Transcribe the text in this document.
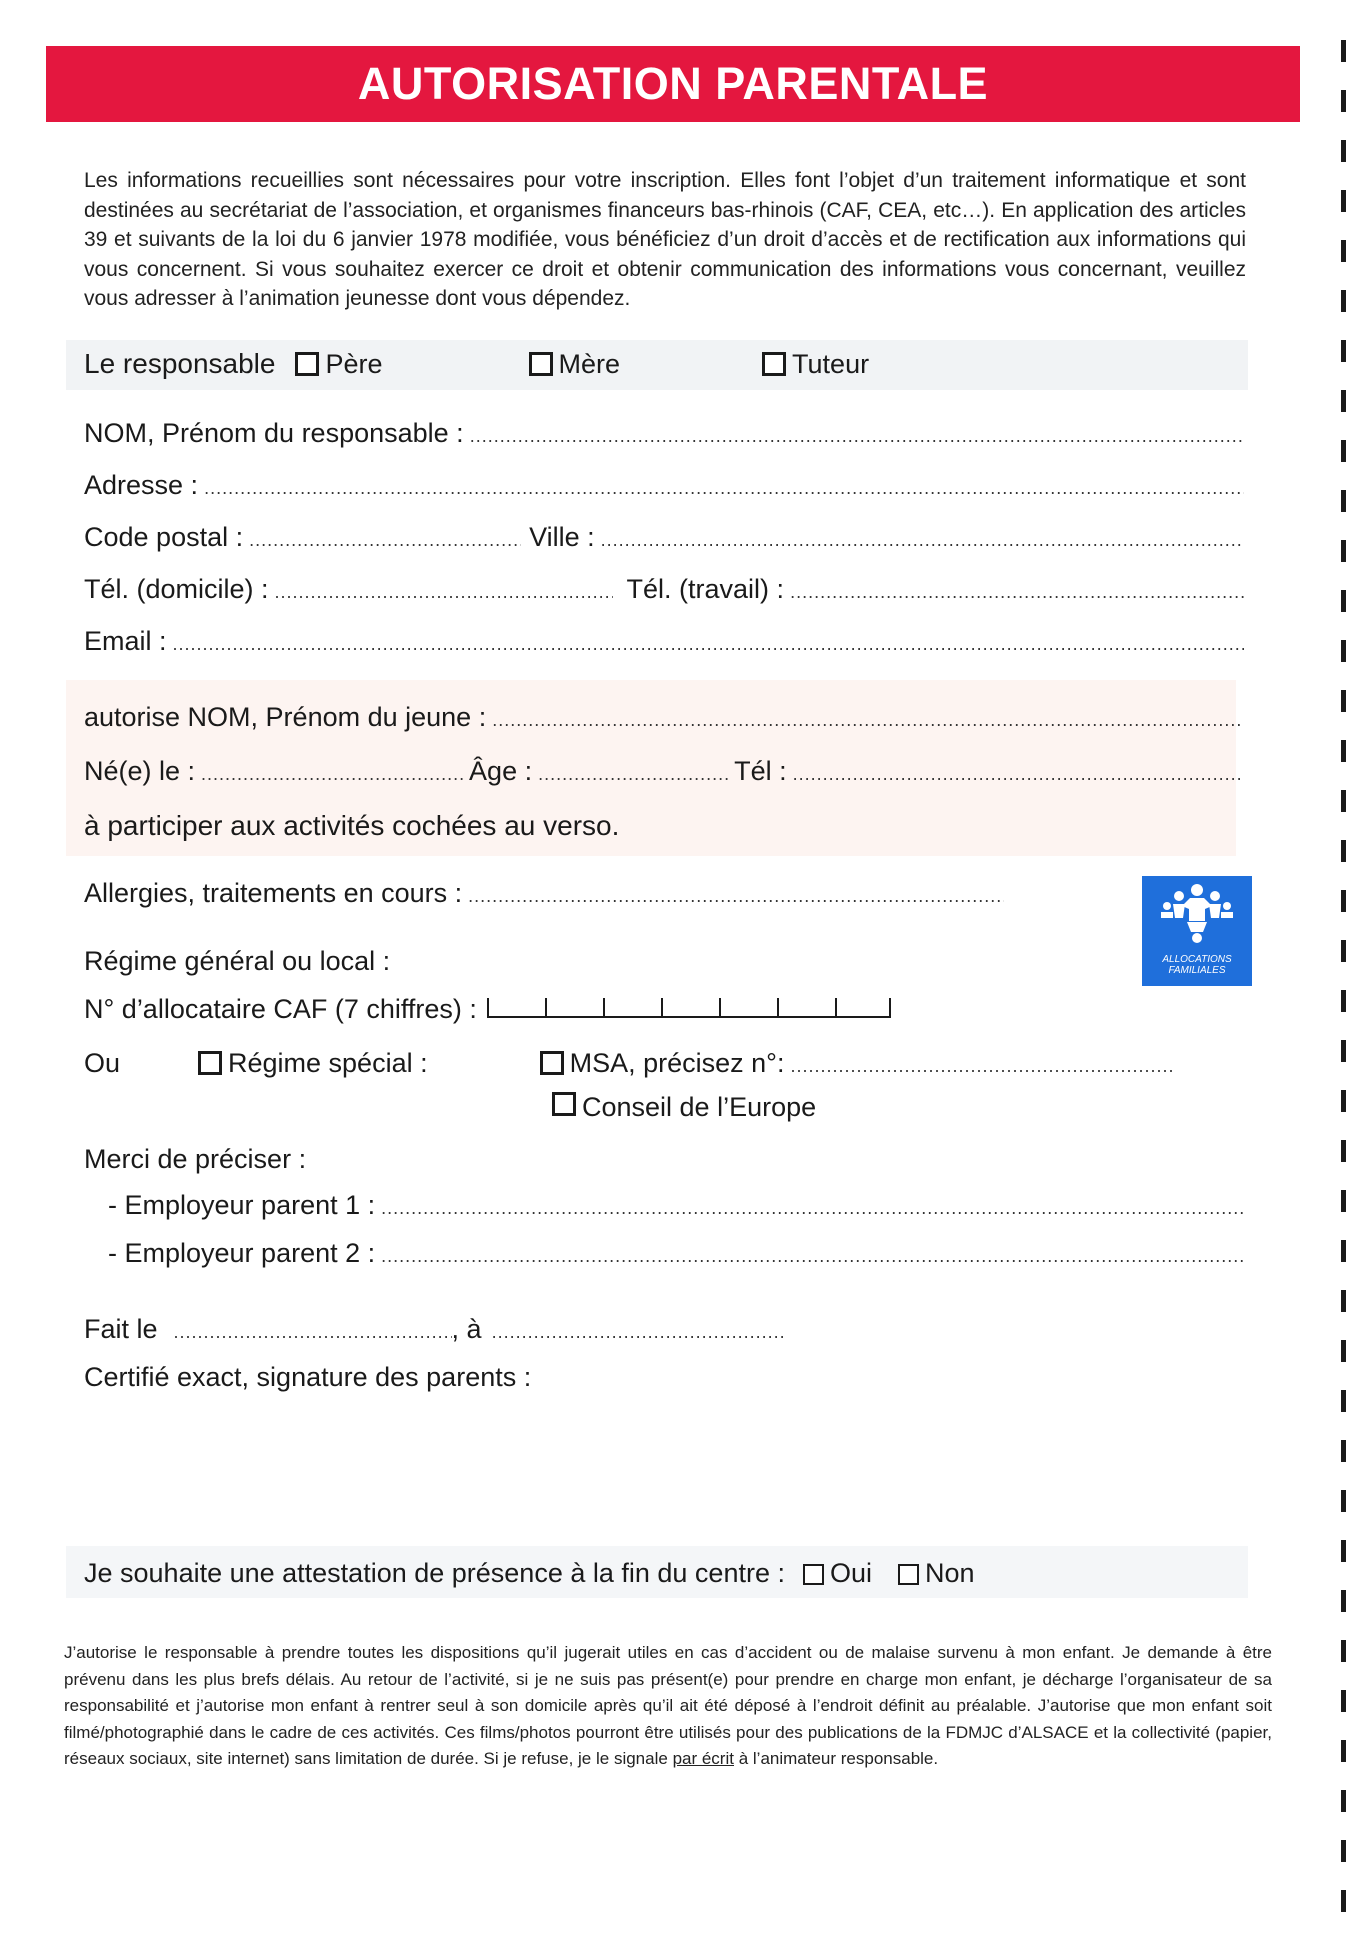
AUTORISATION PARENTALE

Les informations recueillies sont nécessaires pour votre inscription. Elles font l’objet d’un traitement informatique et sont destinées au secrétariat de l’association, et organismes financeurs bas-rhinois (CAF, CEA, etc…). En application des articles 39 et suivants de la loi du 6 janvier 1978 modifiée, vous bénéficiez d’un droit d’accès et de rectification aux informations qui vous concernent. Si vous souhaitez exercer ce droit et obtenir communication des informations vous concernant, veuillez vous adresser à l’animation jeunesse dont vous dépendez.

Le responsable	Père	Mère	Tuteur
NOM, Prénom du responsable :
.....
Adresse :
.....
Code postal : .....	Ville :
.....
Tél. (domicile) : .....	Tél. (travail) :
.....
Email :
.....
autorise NOM, Prénom du jeune :
.....
Né(e) le : .....	Âge : .....	Tél :
.....
à participer aux activités cochées au verso.
Allergies, traitements en cours :
.....
ALLOCATIONS
FAMILIALES
Régime général ou local :
N° d’allocataire CAF (7 chiffres) :
Ou	Régime spécial :	MSA, précisez n°:
.....
Conseil de l’Europe
Merci de préciser :
- Employeur parent 1 :
.....
- Employeur parent 2 :
.....
Fait le .....	, à
.....
Certifié exact, signature des parents :
Je souhaite une attestation de présence à la fin du centre :	Oui	Non

J’autorise le responsable à prendre toutes les dispositions qu’il jugerait utiles en cas d’accident ou de malaise survenu à mon enfant. Je demande à être prévenu dans les plus brefs délais. Au retour de l’activité, si je ne suis pas présent(e) pour prendre en charge mon enfant, je décharge l’organisateur de sa responsabilité et j’autorise mon enfant à rentrer seul à son domicile après qu’il ait été déposé à l’endroit définit au préalable. J’autorise que mon enfant soit filmé/photographié dans le cadre de ces activités. Ces films/photos pourront être utilisés pour des publications de la FDMJC d’ALSACE et la collectivité (papier, réseaux sociaux, site internet) sans limitation de durée. Si je refuse, je le signale par écrit à l’animateur responsable.
